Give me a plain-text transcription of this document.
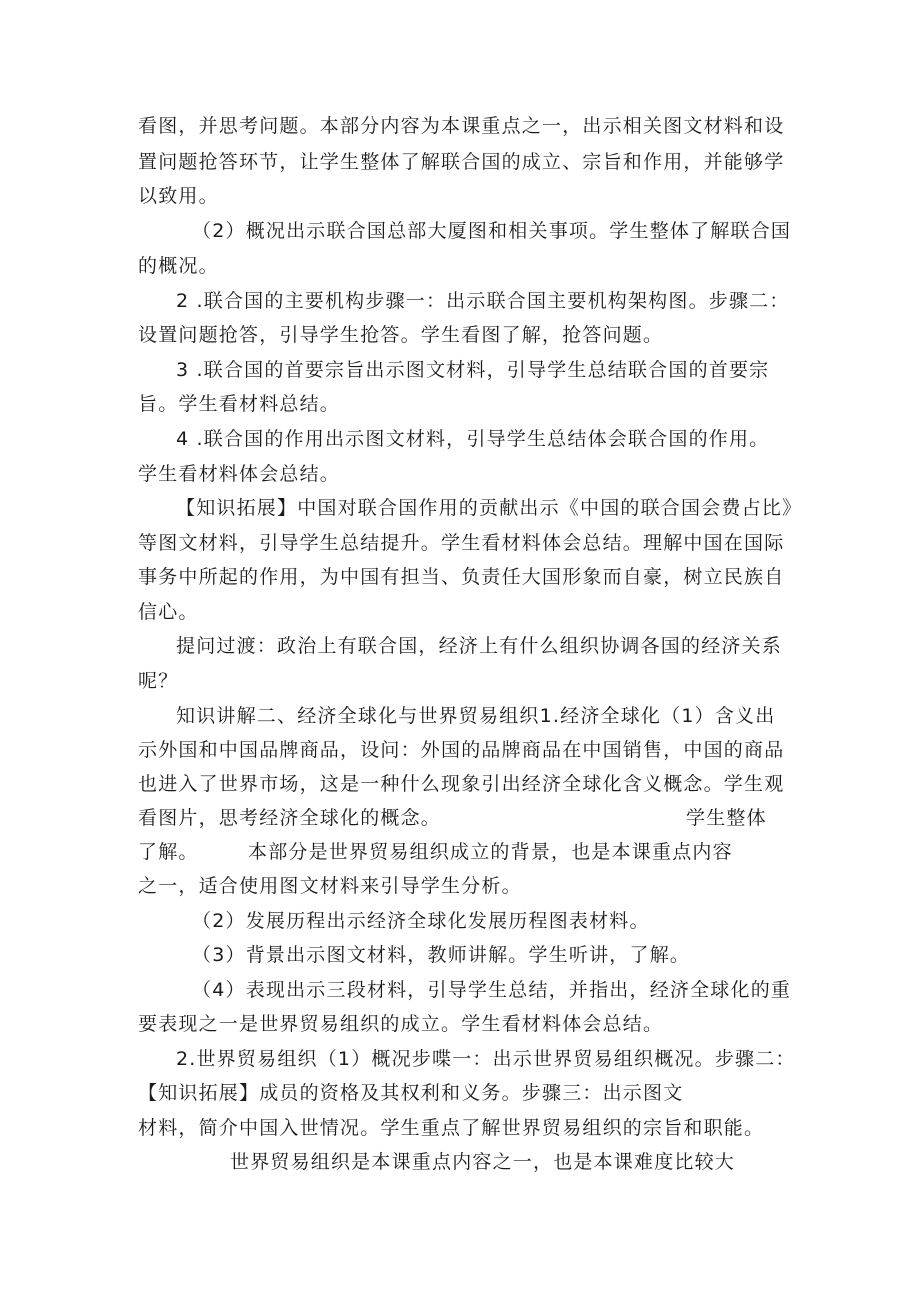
看图，并思考问题。本部分内容为本课重点之一，出示相关图文材料和设
置问题抢答环节，让学生整体了解联合国的成立、宗旨和作用，并能够学
以致用。
（2）概况出示联合国总部大厦图和相关事项。学生整体了解联合国
的概况。
2 .联合国的主要机构步骤一：出示联合国主要机构架构图。步骤二：
设置问题抢答，引导学生抢答。学生看图了解，抢答问题。
3 .联合国的首要宗旨出示图文材料，引导学生总结联合国的首要宗
旨。学生看材料总结。
4 .联合国的作用出示图文材料，引导学生总结体会联合国的作用。
学生看材料体会总结。
【知识拓展】中国对联合国作用的贡献出示《中国的联合国会费占比》
等图文材料，引导学生总结提升。学生看材料体会总结。理解中国在国际
事务中所起的作用，为中国有担当、负责任大国形象而自豪，树立民族自
信心。
提问过渡：政治上有联合国，经济上有什么组织协调各国的经济关系
呢？
知识讲解二、经济全球化与世界贸易组织1.经济全球化（1）含义出
示外国和中国品牌商品，设问：外国的品牌商品在中国销售，中国的商品
也进入了世界市场，这是一种什么现象引出经济全球化含义概念。学生观
看图片，思考经济全球化的概念。	学生整体
了解。	本部分是世界贸易组织成立的背景，也是本课重点内容
之一，适合使用图文材料来引导学生分析。
（2）发展历程出示经济全球化发展历程图表材料。
（3）背景出示图文材料，教师讲解。学生听讲，了解。
（4）表现出示三段材料，引导学生总结，并指出，经济全球化的重
要表现之一是世界贸易组织的成立。学生看材料体会总结。
2.世界贸易组织（1）概况步喋一：出示世界贸易组织概况。步骤二：
【知识拓展】成员的资格及其权利和义务。步骤三：出示图文
材料，简介中国入世情况。学生重点了解世界贸易组织的宗旨和职能。
世界贸易组织是本课重点内容之一，也是本课难度比较大
